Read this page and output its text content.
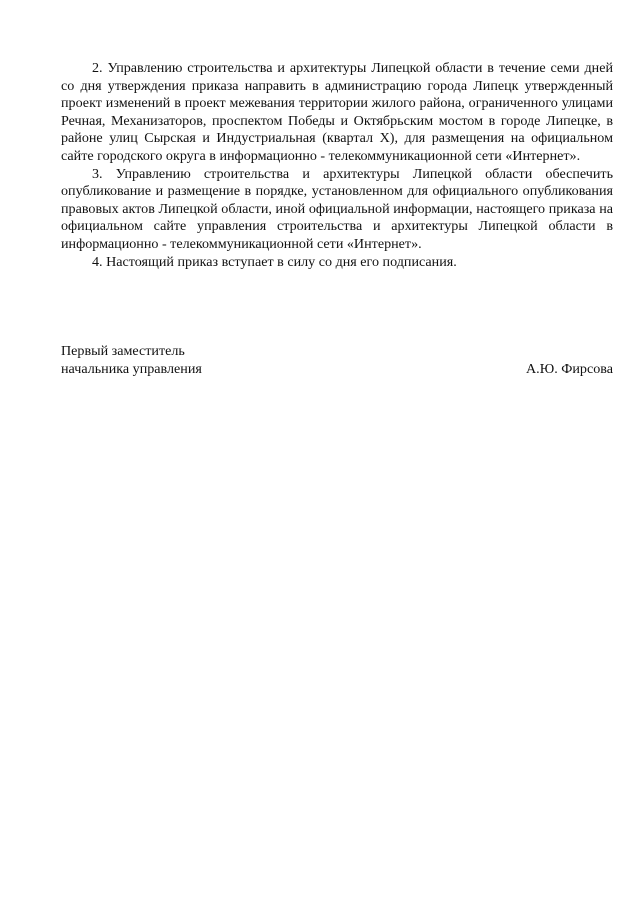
2. Управлению строительства и архитектуры Липецкой области в течение семи дней со дня утверждения приказа направить в администрацию города Липецк утвержденный проект изменений в проект межевания территории жилого района, ограниченного улицами Речная, Механизаторов, проспектом Победы и Октябрьским мостом в городе Липецке, в районе улиц Сырская и Индустриальная (квартал X), для размещения на официальном сайте городского округа в информационно - телекоммуникационной сети «Интернет».

3. Управлению строительства и архитектуры Липецкой области обеспечить опубликование и размещение в порядке, установленном для официального опубликования правовых актов Липецкой области, иной официальной информации, настоящего приказа на официальном сайте управления строительства и архитектуры Липецкой области в информационно - телекоммуникационной сети «Интернет».

4. Настоящий приказ вступает в силу со дня его подписания.

Первый заместитель
начальника управления	А.Ю. Фирсова
